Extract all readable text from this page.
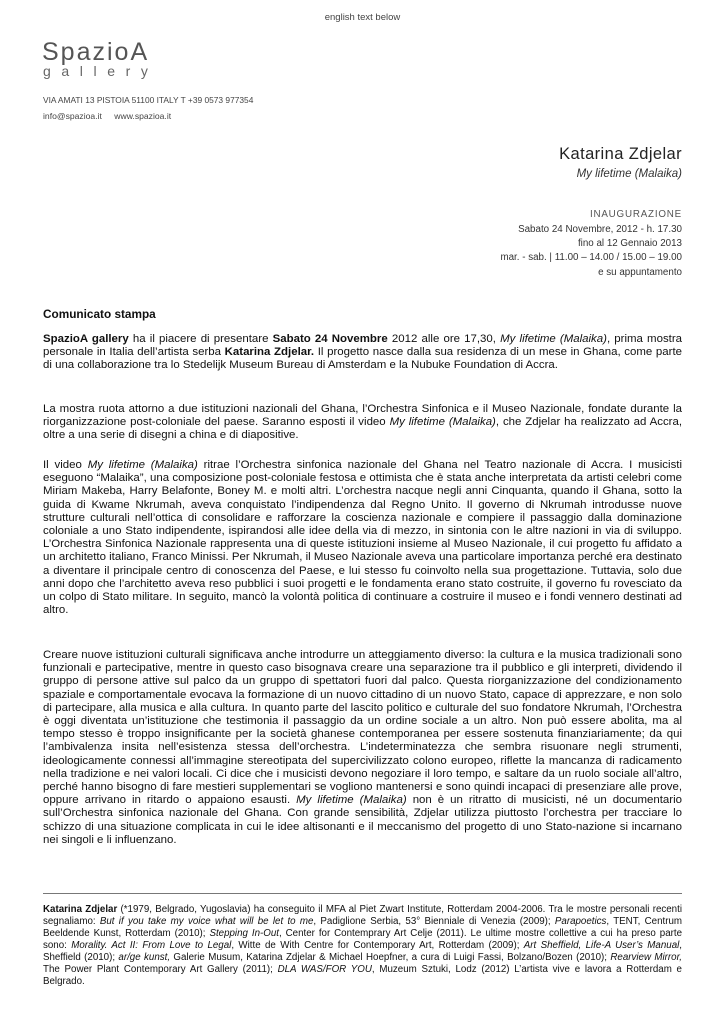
english text below
SpazioA
gallery
VIA AMATI 13 PISTOIA 51100 ITALY T +39 0573 977354
info@spazioa.it www.spazioa.it
Katarina Zdjelar
My lifetime (Malaika)
INAUGURAZIONE
Sabato 24 Novembre, 2012 - h. 17.30
fino al 12 Gennaio 2013
mar. - sab. | 11.00 – 14.00 / 15.00 – 19.00
e su appuntamento
Comunicato stampa

SpazioA gallery ha il piacere di presentare Sabato 24 Novembre 2012 alle ore 17,30, My lifetime (Malaika), prima mostra personale in Italia dell’artista serba Katarina Zdjelar. Il progetto nasce dalla sua residenza di un mese in Ghana, come parte di una collaborazione tra lo Stedelijk Museum Bureau di Amsterdam e la Nubuke Foundation di Accra.

La mostra ruota attorno a due istituzioni nazionali del Ghana, l’Orchestra Sinfonica e il Museo Nazionale, fondate durante la riorganizzazione post-coloniale del paese. Saranno esposti il video My lifetime (Malaika), che Zdjelar ha realizzato ad Accra, oltre a una serie di disegni a china e di diapositive.

Il video My lifetime (Malaika) ritrae l’Orchestra sinfonica nazionale del Ghana nel Teatro nazionale di Accra. I musicisti eseguono “Malaika”, una composizione post-coloniale festosa e ottimista che è stata anche interpretata da artisti celebri come Miriam Makeba, Harry Belafonte, Boney M. e molti altri. L’orchestra nacque negli anni Cinquanta, quando il Ghana, sotto la guida di Kwame Nkrumah, aveva conquistato l’indipendenza dal Regno Unito. Il governo di Nkrumah introdusse nuove strutture culturali nell’ottica di consolidare e rafforzare la coscienza nazionale e compiere il passaggio dalla dominazione coloniale a uno Stato indipendente, ispirandosi alle idee della via di mezzo, in sintonia con le altre nazioni in via di sviluppo. L’Orchestra Sinfonica Nazionale rappresenta una di queste istituzioni insieme al Museo Nazionale, il cui progetto fu affidato a un architetto italiano, Franco Minissi. Per Nkrumah, il Museo Nazionale aveva una particolare importanza perché era destinato a diventare il principale centro di conoscenza del Paese, e lui stesso fu coinvolto nella sua progettazione. Tuttavia, solo due anni dopo che l’architetto aveva reso pubblici i suoi progetti e le fondamenta erano stato costruite, il governo fu rovesciato da un colpo di Stato militare. In seguito, mancò la volontà politica di continuare a costruire il museo e i fondi vennero destinati ad altro.

Creare nuove istituzioni culturali significava anche introdurre un atteggiamento diverso: la cultura e la musica tradizionali sono funzionali e partecipative, mentre in questo caso bisognava creare una separazione tra il pubblico e gli interpreti, dividendo il gruppo di persone attive sul palco da un gruppo di spettatori fuori dal palco. Questa riorganizzazione del condizionamento spaziale e comportamentale evocava la formazione di un nuovo cittadino di un nuovo Stato, capace di apprezzare, e non solo di partecipare, alla musica e alla cultura. In quanto parte del lascito politico e culturale del suo fondatore Nkrumah, l’Orchestra è oggi diventata un’istituzione che testimonia il passaggio da un ordine sociale a un altro. Non può essere abolita, ma al tempo stesso è troppo insignificante per la società ghanese contemporanea per essere sostenuta finanziariamente; da qui l’ambivalenza insita nell’esistenza stessa dell’orchestra. L’indeterminatezza che sembra risuonare negli strumenti, ideologicamente connessi all’immagine stereotipata del supercivilizzato colono europeo, riflette la mancanza di radicamento nella tradizione e nei valori locali. Ci dice che i musicisti devono negoziare il loro tempo, e saltare da un ruolo sociale all’altro, perché hanno bisogno di fare mestieri supplementari se vogliono mantenersi e sono quindi incapaci di presenziare alle prove, oppure arrivano in ritardo o appaiono esausti. My lifetime (Malaika) non è un ritratto di musicisti, né un documentario sull’Orchestra sinfonica nazionale del Ghana. Con grande sensibilità, Zdjelar utilizza piuttosto l’orchestra per tracciare lo schizzo di una situazione complicata in cui le idee altisonanti e il meccanismo del progetto di uno Stato-nazione si incarnano nei singoli e li influenzano.

Katarina Zdjelar (*1979, Belgrado, Yugoslavia) ha conseguito il MFA al Piet Zwart Institute, Rotterdam 2004-2006. Tra le mostre personali recenti segnaliamo: But if you take my voice what will be let to me, Padiglione Serbia, 53° Bienniale di Venezia (2009); Parapoetics, TENT, Centrum Beeldende Kunst, Rotterdam (2010); Stepping In-Out, Center for Contemprary Art Celje (2011). Le ultime mostre collettive a cui ha preso parte sono: Morality. Act II: From Love to Legal, Witte de With Centre for Contemporary Art, Rotterdam (2009); Art Sheffield, Life-A User’s Manual, Sheffield (2010); ar/ge kunst, Galerie Musum, Katarina Zdjelar & Michael Hoepfner, a cura di Luigi Fassi, Bolzano/Bozen (2010); Rearview Mirror, The Power Plant Contemporary Art Gallery (2011); DLA WAS/FOR YOU, Muzeum Sztuki, Lodz (2012) L’artista vive e lavora a Rotterdam e Belgrado.
